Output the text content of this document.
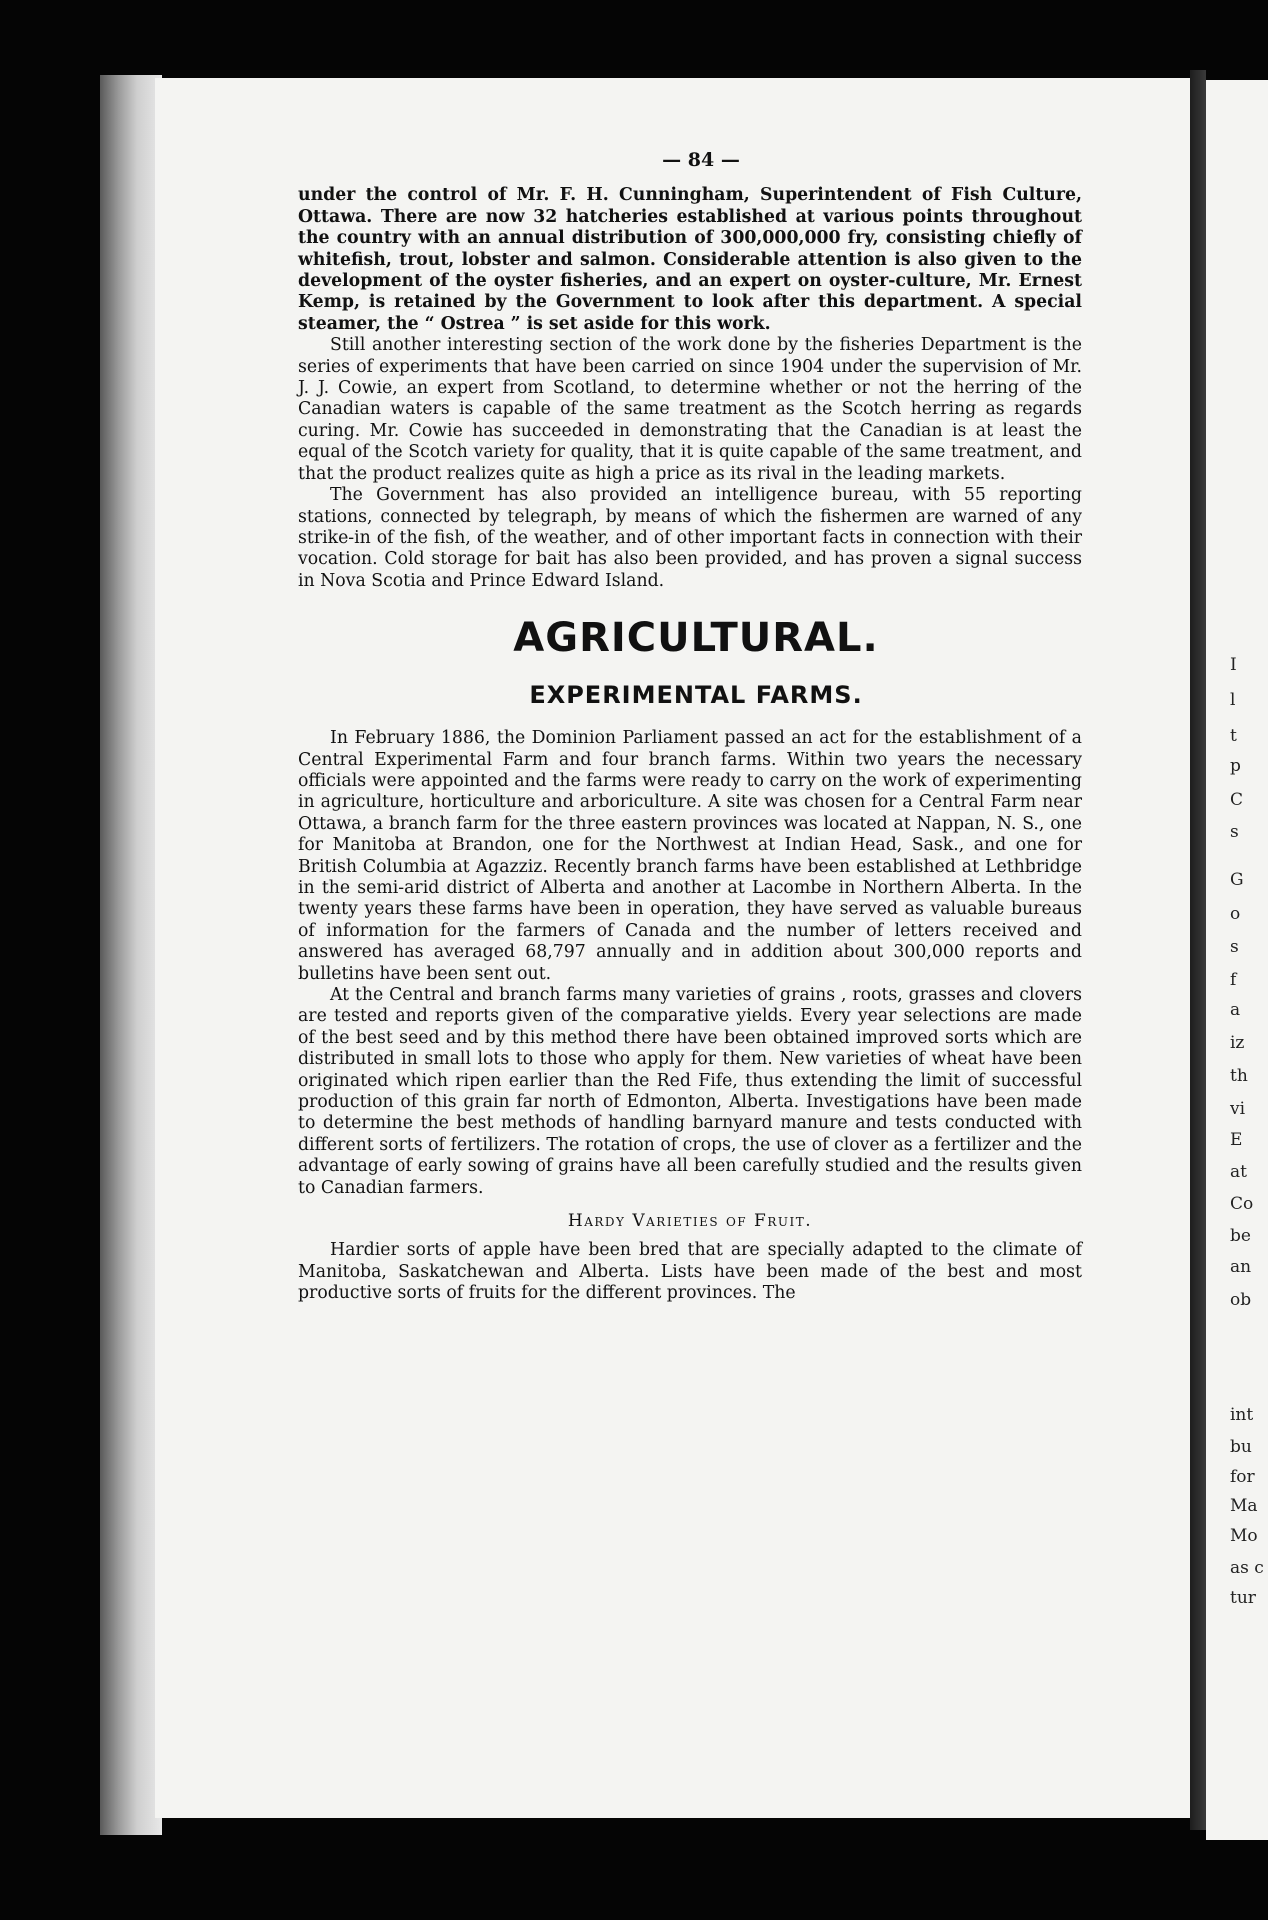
I
l
t
p
C
s
G
o
s
f
a
iz
th
vi
E
at
Co
be
an
ob
int
bu
for
Ma
Mo
as c
tur
— 84 —

under the control of Mr. F. H. Cunningham, Superintendent of Fish Culture, Ottawa. There are now 32 hatcheries established at various points throughout the country with an annual distribution of 300,000,000 fry, consisting chiefly of whitefish, trout, lobster and salmon. Considerable attention is also given to the development of the oyster fisheries, and an expert on oyster-culture, Mr. Ernest Kemp, is retained by the Government to look after this department. A special steamer, the “ Ostrea ” is set aside for this work.

Still another interesting section of the work done by the fisheries Department is the series of experiments that have been carried on since 1904 under the supervision of Mr. J. J. Cowie, an expert from Scotland, to determine whether or not the herring of the Canadian waters is capable of the same treatment as the Scotch herring as regards curing. Mr. Cowie has succeeded in demonstrating that the Canadian is at least the equal of the Scotch variety for quality, that it is quite capable of the same treatment, and that the product realizes quite as high a price as its rival in the leading markets.

The Government has also provided an intelligence bureau, with 55 reporting stations, connected by telegraph, by means of which the fishermen are warned of any strike-in of the fish, of the weather, and of other important facts in connection with their vocation. Cold storage for bait has also been provided, and has proven a signal success in Nova Scotia and Prince Edward Island.

AGRICULTURAL.
EXPERIMENTAL FARMS.

In February 1886, the Dominion Parliament passed an act for the establishment of a Central Experimental Farm and four branch farms. Within two years the necessary officials were appointed and the farms were ready to carry on the work of experimenting in agriculture, horticulture and arboriculture. A site was chosen for a Central Farm near Ottawa, a branch farm for the three eastern provinces was located at Nappan, N. S., one for Manitoba at Brandon, one for the Northwest at Indian Head, Sask., and one for British Columbia at Agazziz. Recently branch farms have been established at Lethbridge in the semi-arid district of Alberta and another at Lacombe in Northern Alberta. In the twenty years these farms have been in operation, they have served as valuable bureaus of information for the farmers of Canada and the number of letters received and answered has averaged 68,797 annually and in addition about 300,000 reports and bulletins have been sent out.

At the Central and branch farms many varieties of grains , roots, grasses and clovers are tested and reports given of the comparative yields. Every year selections are made of the best seed and by this method there have been obtained improved sorts which are distributed in small lots to those who apply for them. New varieties of wheat have been originated which ripen earlier than the Red Fife, thus extending the limit of successful production of this grain far north of Edmonton, Alberta. Investigations have been made to determine the best methods of handling barnyard manure and tests conducted with different sorts of fertilizers. The rotation of crops, the use of clover as a fertilizer and the advantage of early sowing of grains have all been carefully studied and the results given to Canadian farmers.

Hardy Varieties of Fruit.

Hardier sorts of apple have been bred that are specially adapted to the climate of Manitoba, Saskatchewan and Alberta. Lists have been made of the best and most productive sorts of fruits for the different provinces. The
